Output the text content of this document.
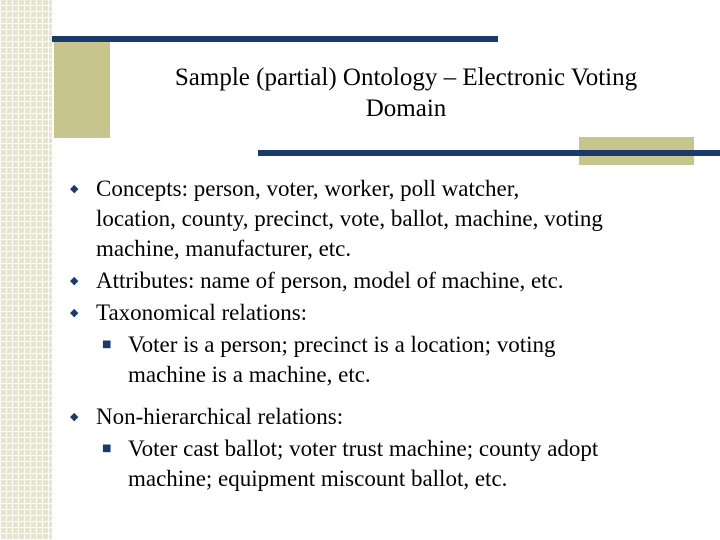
Sample (partial) Ontology – Electronic Voting
Domain
◆ Concepts: person, voter, worker, poll watcher,
location, county, precinct, vote, ballot, machine, voting
machine, manufacturer, etc.
◆ Attributes: name of person, model of machine, etc.
◆ Taxonomical relations:
■ Voter is a person; precinct is a location; voting
machine is a machine, etc.
◆ Non-hierarchical relations:
■ Voter cast ballot; voter trust machine; county adopt
machine; equipment miscount ballot, etc.
